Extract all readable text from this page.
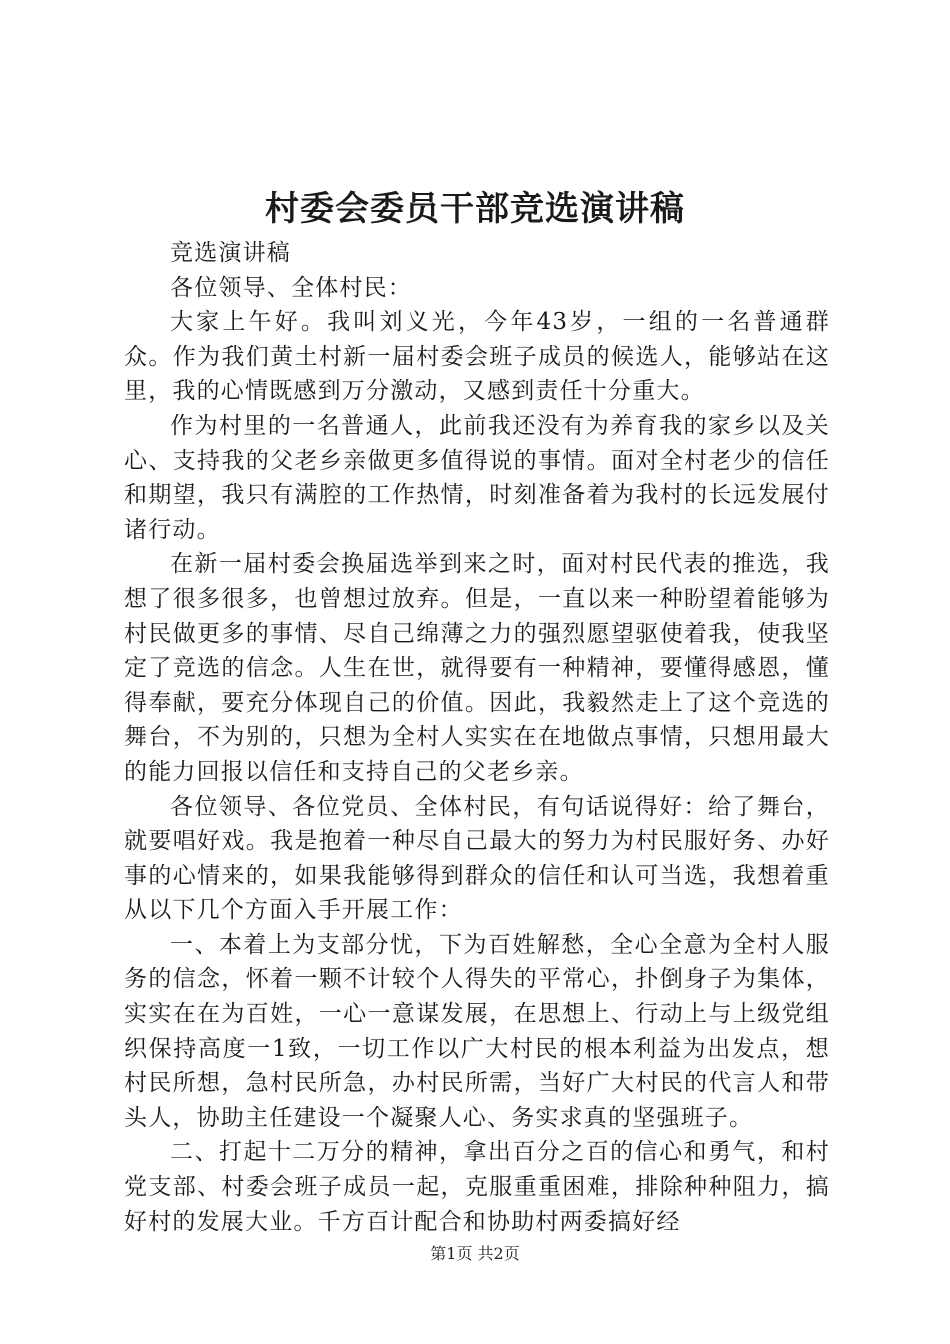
村委会委员干部竞选演讲稿

竞选演讲稿

各位领导、全体村民：

大家上午好。我叫刘义光，今年43岁，一组的一名普通群众。作为我们黄土村新一届村委会班子成员的候选人，能够站在这里，我的心情既感到万分激动，又感到责任十分重大。

作为村里的一名普通人，此前我还没有为养育我的家乡以及关心、支持我的父老乡亲做更多值得说的事情。面对全村老少的信任和期望，我只有满腔的工作热情，时刻准备着为我村的长远发展付诸行动。

在新一届村委会换届选举到来之时，面对村民代表的推选，我想了很多很多，也曾想过放弃。但是，一直以来一种盼望着能够为村民做更多的事情、尽自己绵薄之力的强烈愿望驱使着我，使我坚定了竞选的信念。人生在世，就得要有一种精神，要懂得感恩，懂得奉献，要充分体现自己的价值。因此，我毅然走上了这个竞选的舞台，不为别的，只想为全村人实实在在地做点事情，只想用最大的能力回报以信任和支持自己的父老乡亲。

各位领导、各位党员、全体村民，有句话说得好：给了舞台，就要唱好戏。我是抱着一种尽自己最大的努力为村民服好务、办好事的心情来的，如果我能够得到群众的信任和认可当选，我想着重从以下几个方面入手开展工作：

一、本着上为支部分忧，下为百姓解愁，全心全意为全村人服务的信念，怀着一颗不计较个人得失的平常心，扑倒身子为集体，实实在在为百姓，一心一意谋发展，在思想上、行动上与上级党组织保持高度一1致，一切工作以广大村民的根本利益为出发点，想村民所想，急村民所急，办村民所需，当好广大村民的代言人和带头人，协助主任建设一个凝聚人心、务实求真的坚强班子。

二、打起十二万分的精神，拿出百分之百的信心和勇气，和村党支部、村委会班子成员一起，克服重重困难，排除种种阻力，搞好村的发展大业。千方百计配合和协助村两委搞好经

第1页 共2页
